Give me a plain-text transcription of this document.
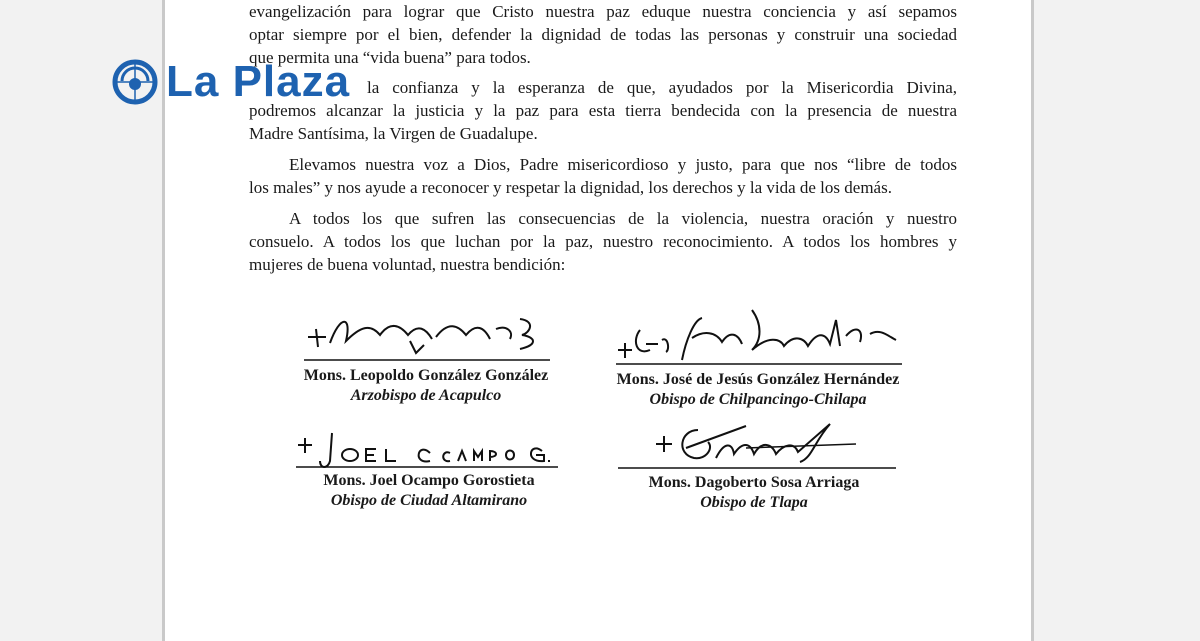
evangelización para lograr que Cristo nuestra paz eduque nuestra conciencia y así sepamos
optar siempre por el bien, defender la dignidad de todas las personas y construir una sociedad
que permita una “vida buena” para todos.

la confianza y la esperanza de que, ayudados por la Misericordia Divina,
podremos alcanzar la justicia y la paz para esta tierra bendecida con la presencia de nuestra
Madre Santísima, la Virgen de Guadalupe.

Elevamos nuestra voz a Dios, Padre misericordioso y justo, para que nos “libre de todos
los males” y nos ayude a reconocer y respetar la dignidad, los derechos y la vida de los demás.

A todos los que sufren las consecuencias de la violencia, nuestra oración y nuestro
consuelo. A todos los que luchan por la paz, nuestro reconocimiento. A todos los hombres y
mujeres de buena voluntad, nuestra bendición:

La Plaza
Mons. Leopoldo González González
Arzobispo de Acapulco
Mons. José de Jesús González Hernández
Obispo de Chilpancingo-Chilapa
Mons. Joel Ocampo Gorostieta
Obispo de Ciudad Altamirano
Mons. Dagoberto Sosa Arriaga
Obispo de Tlapa
